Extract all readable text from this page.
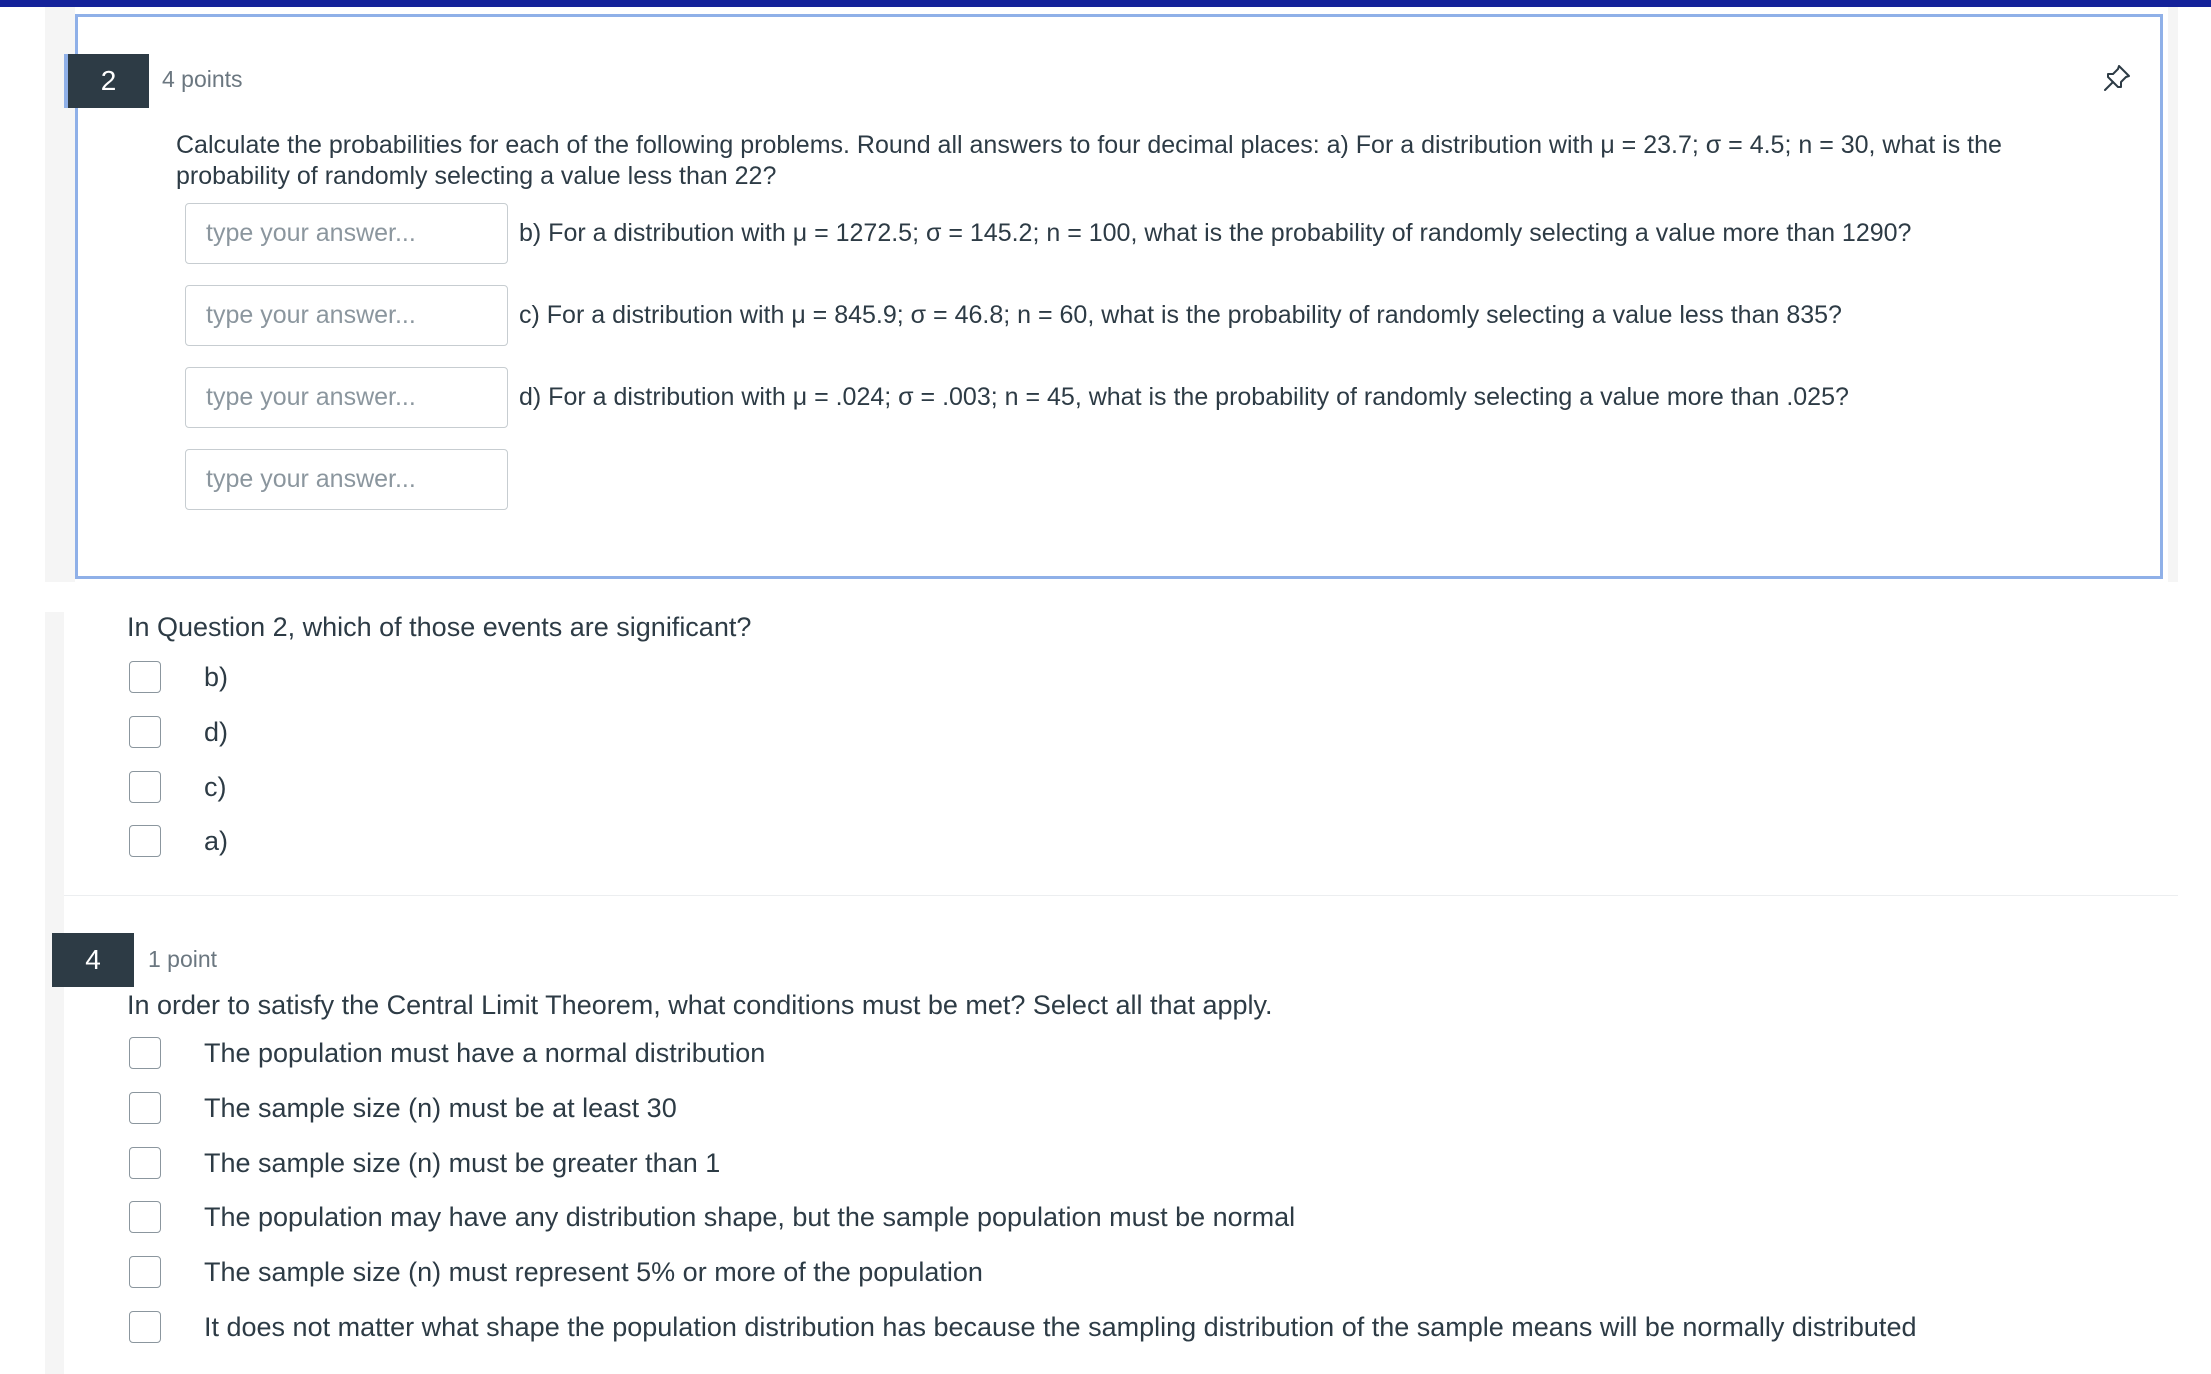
2	4 points
Calculate the probabilities for each of the following problems. Round all answers to four decimal places: a) For a distribution with μ = 23.7; σ = 4.5; n = 30, what is the probability of randomly selecting a value less than 22?
type your answer...
b) For a distribution with μ = 1272.5; σ = 145.2; n = 100, what is the probability of randomly selecting a value more than 1290?
type your answer...
c) For a distribution with μ = 845.9; σ = 46.8; n = 60, what is the probability of randomly selecting a value less than 835?
type your answer...
d) For a distribution with μ = .024; σ = .003; n = 45, what is the probability of randomly selecting a value more than .025?
type your answer...
In Question 2, which of those events are significant?
b)
d)
c)
a)
4	1 point
In order to satisfy the Central Limit Theorem, what conditions must be met? Select all that apply.
The population must have a normal distribution
The sample size (n) must be at least 30
The sample size (n) must be greater than 1
The population may have any distribution shape, but the sample population must be normal
The sample size (n) must represent 5% or more of the population
It does not matter what shape the population distribution has because the sampling distribution of the sample means will be normally distributed
